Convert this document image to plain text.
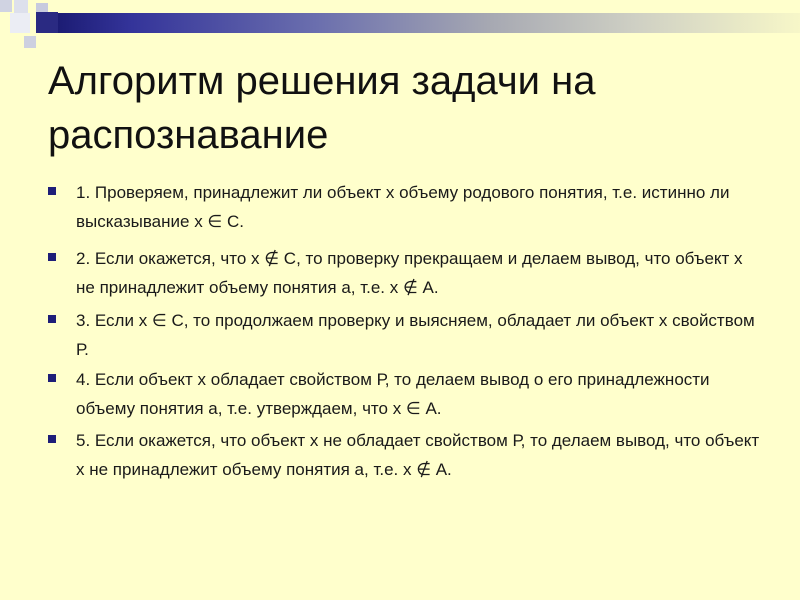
Алгоритм решения задачи на распознавание
1. Проверяем, принадлежит ли объект х объему родового понятия, т.е. истинно ли высказывание х ∈ С.
2. Если окажется, что х ∉ С, то проверку прекращаем и делаем вывод, что объект х не принадлежит объему понятия а, т.е. х ∉ А.
3. Если х ∈ С, то продолжаем проверку и выясняем, обладает ли объект х свойством Р.
4. Если объект х обладает свойством Р, то делаем вывод о его принадлежности объему понятия а, т.е. утверждаем, что х ∈ А.
5. Если окажется, что объект х не обладает свойством Р, то делаем вывод, что объект х не принадлежит объему понятия а, т.е. х ∉ А.
